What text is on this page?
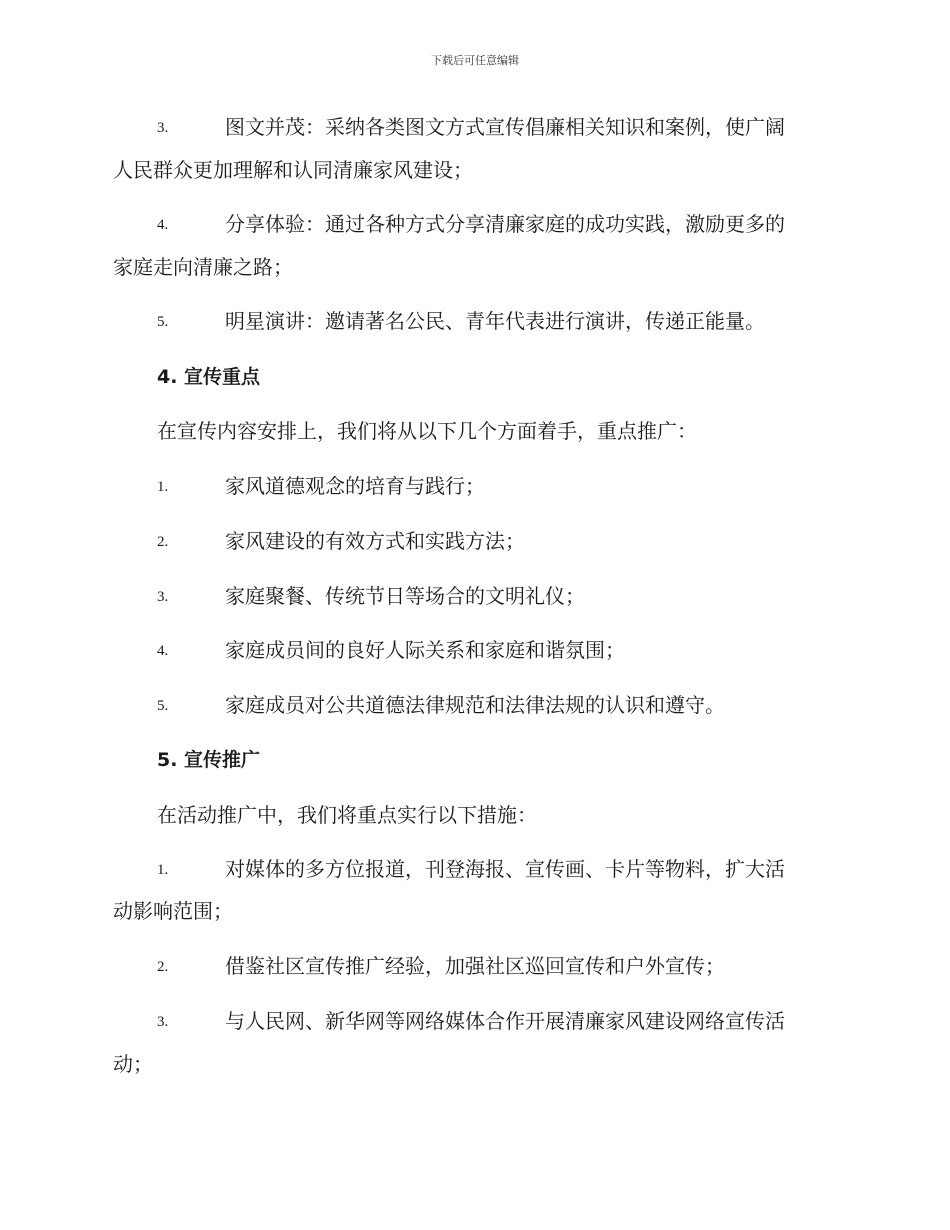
下载后可任意编辑
3.	图文并茂：采纳各类图文方式宣传倡廉相关知识和案例，使广阔
人民群众更加理解和认同清廉家风建设；
4.	分享体验：通过各种方式分享清廉家庭的成功实践，激励更多的
家庭走向清廉之路；
5.	明星演讲：邀请著名公民、青年代表进行演讲，传递正能量。
4. 宣传重点
在宣传内容安排上，我们将从以下几个方面着手，重点推广：
1.	家风道德观念的培育与践行；
2.	家风建设的有效方式和实践方法；
3.	家庭聚餐、传统节日等场合的文明礼仪；
4.	家庭成员间的良好人际关系和家庭和谐氛围；
5.	家庭成员对公共道德法律规范和法律法规的认识和遵守。
5. 宣传推广
在活动推广中，我们将重点实行以下措施：
1.	对媒体的多方位报道，刊登海报、宣传画、卡片等物料，扩大活
动影响范围；
2.	借鉴社区宣传推广经验，加强社区巡回宣传和户外宣传；
3.	与人民网、新华网等网络媒体合作开展清廉家风建设网络宣传活
动；
